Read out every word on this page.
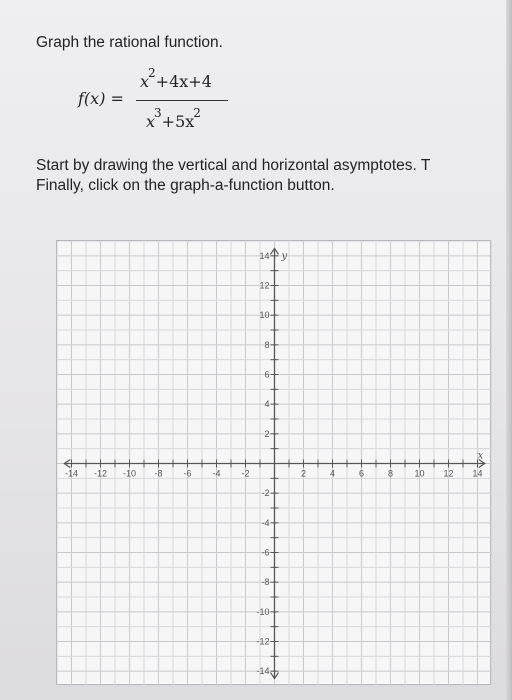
Graph the rational function.
f(x) =
$x^2+4x+4$
$x^3+5x^2$
Start by drawing the vertical and horizontal asymptotes. T
Finally, click on the graph-a-function button.
-14 -12 -10 -8 -6 -4 -2	2	4	6	8 10 12 14
14
12
10
8
6
4
2
-2
-4
-6
-8
-10
-12
-14
x
y
